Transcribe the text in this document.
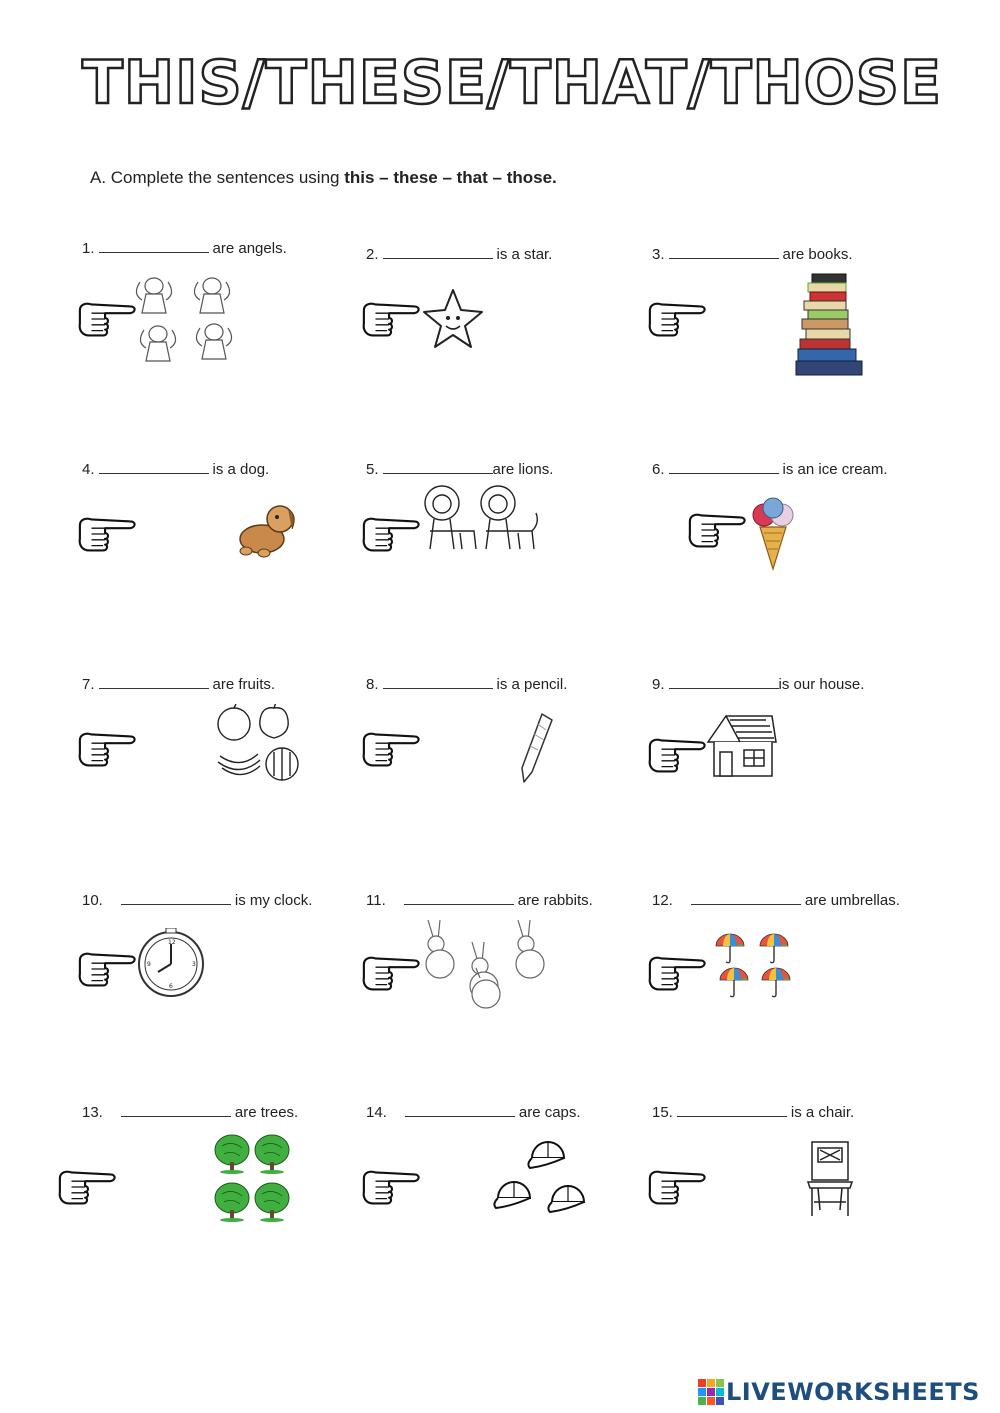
THIS/THESE/THAT/THOSE
A. Complete the sentences using this – these – that – those.
1.	are angels.	2.	is a star.	3.	are books.
4.	is a dog.	5.	are lions.	6.	is an ice cream.
7.	are fruits.	8.	is a pencil.	9.	is our house.
10.	is my clock.
12
3
6
9
11.	are rabbits.	12.	are umbrellas.
13.	are trees.	14.	are caps.	15.	is a chair.
LIVEWORKSHEETS
